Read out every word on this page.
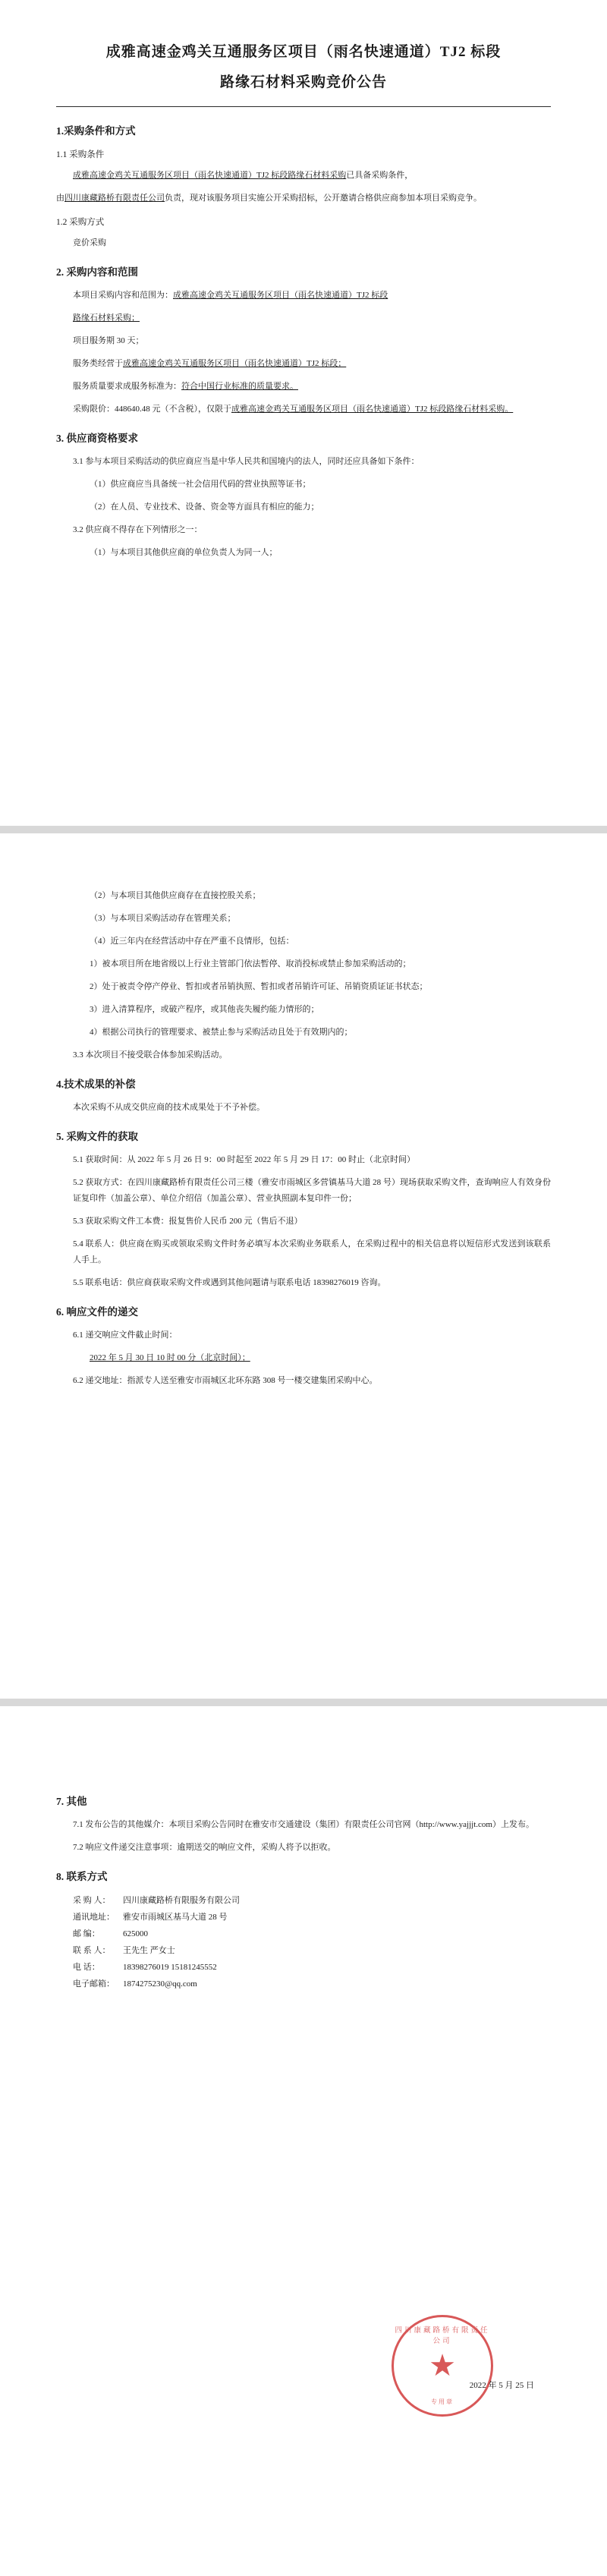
成雅高速金鸡关互通服务区项目（雨名快速通道）TJ2 标段
路缘石材料采购竞价公告
1.采购条件和方式
1.1 采购条件

成雅高速金鸡关互通服务区项目（雨名快速通道）TJ2 标段路缘石材料采购已具备采购条件，

由四川康藏路桥有限责任公司负责，现对该服务项目实施公开采购招标，公开邀请合格供应商参加本项目采购竞争。

1.2 采购方式

竞价采购

2. 采购内容和范围

本项目采购内容和范围为：成雅高速金鸡关互通服务区项目（雨名快速通道）TJ2 标段

路缘石材料采购；

项目服务期 30 天；

服务类经营于成雅高速金鸡关互通服务区项目（雨名快速通道）TJ2 标段；

服务质量要求成服务标准为：符合中国行业标准的质量要求。

采购限价：448640.48 元（不含税），仅限于成雅高速金鸡关互通服务区项目（雨名快速通道）TJ2 标段路缘石材料采购。

3. 供应商资格要求

3.1 参与本项目采购活动的供应商应当是中华人民共和国境内的法人，同时还应具备如下条件：

（1）供应商应当具备统一社会信用代码的营业执照等证书；

（2）在人员、专业技术、设备、资金等方面具有相应的能力；

3.2 供应商不得存在下列情形之一：

（1）与本项目其他供应商的单位负责人为同一人；

（2）与本项目其他供应商存在直接控股关系；

（3）与本项目采购活动存在管理关系；

（4）近三年内在经营活动中存在严重不良情形，包括：

1）被本项目所在地省级以上行业主管部门依法暂停、取消投标或禁止参加采购活动的；

2）处于被责令停产停业、暂扣或者吊销执照、暂扣或者吊销许可证、吊销资质证证书状态；

3）进入清算程序，或破产程序，或其他丧失履约能力情形的；

4）根据公司执行的管理要求、被禁止参与采购活动且处于有效期内的；

3.3 本次项目不接受联合体参加采购活动。

4.技术成果的补偿

本次采购不从成交供应商的技术成果处于不予补偿。

5. 采购文件的获取

5.1 获取时间：从 2022 年 5 月 26 日 9：00 时起至 2022 年 5 月 29 日 17：00 时止（北京时间）

5.2 获取方式：在四川康藏路桥有限责任公司三楼（雅安市雨城区多营镇基马大道 28 号）现场获取采购文件，查询响应人有效身份证复印件（加盖公章）、单位介绍信（加盖公章）、营业执照副本复印件一份；

5.3 获取采购文件工本费：报复售价人民币 200 元（售后不退）

5.4 联系人：供应商在购买或领取采购文件时务必填写本次采购业务联系人，在采购过程中的相关信息将以短信形式发送到该联系人手上。

5.5 联系电话：供应商获取采购文件或遇到其他问题请与联系电话 18398276019 咨询。

6. 响应文件的递交

6.1 递交响应文件截止时间：

2022 年 5 月 30 日 10 时 00 分（北京时间）；

6.2 递交地址：指派专人送至雅安市雨城区北环东路 308 号一楼交建集团采购中心。

7. 其他

7.1 发布公告的其他媒介：本项目采购公告同时在雅安市交通建设（集团）有限责任公司官网（http://www.yajjjt.com）上发布。

7.2 响应文件递交注意事项：逾期送交的响应文件，采购人将予以拒收。

8. 联系方式
采 购 人： 四川康藏路桥有限服务有限公司
通讯地址： 雅安市雨城区基马大道 28 号
邮 编：	625000
联 系 人： 王先生 严女士
电 话：	18398276019 15181245552
电子邮箱： 1874275230@qq.com
四川康藏路桥有限责任公司
★
专用章
2022 年 5 月 25 日
